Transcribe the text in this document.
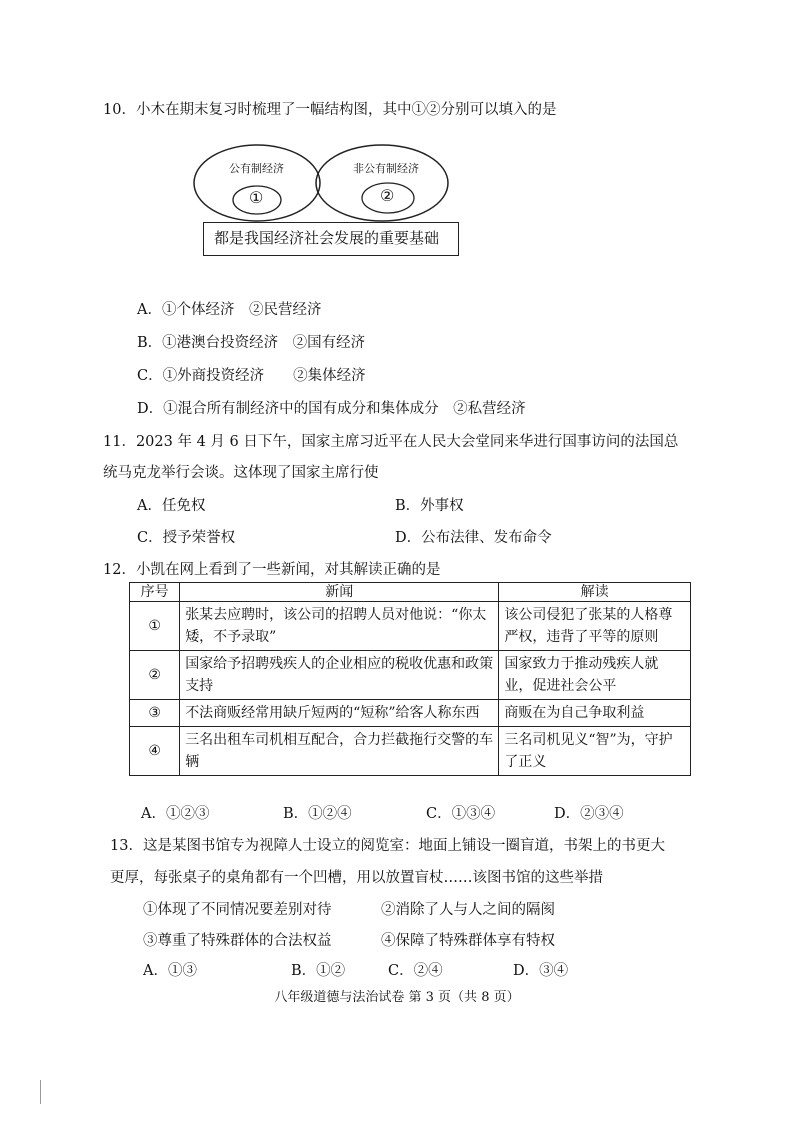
10．小木在期末复习时梳理了一幅结构图，其中①②分别可以填入的是
公有制经济
①
非公有制经济
②
都是我国经济社会发展的重要基础
A．①个体经济　②民营经济
B．①港澳台投资经济　②国有经济
C．①外商投资经济　　②集体经济
D．①混合所有制经济中的国有成分和集体成分　②私营经济
11．2023 年 4 月 6 日下午，国家主席习近平在人民大会堂同来华进行国事访问的法国总
统马克龙举行会谈。这体现了国家主席行使
A．任免权	B．外事权
C．授予荣誉权	D．公布法律、发布命令
12．小凯在网上看到了一些新闻，对其解读正确的是
序号	新闻	解读
①	张某去应聘时，该公司的招聘人员对他说：“你太矮，不予录取”	该公司侵犯了张某的人格尊严权，违背了平等的原则
②	国家给予招聘残疾人的企业相应的税收优惠和政策支持	国家致力于推动残疾人就业，促进社会公平
③	不法商贩经常用缺斤短两的“短称”给客人称东西	商贩在为自己争取利益
④	三名出租车司机相互配合，合力拦截拖行交警的车辆	三名司机见义“智”为，守护了正义
A．①②③	B．①②④	C．①③④	D．②③④
13．这是某图书馆专为视障人士设立的阅览室：地面上铺设一圈盲道，书架上的书更大
更厚，每张桌子的桌角都有一个凹槽，用以放置盲杖……该图书馆的这些举措
①体现了不同情况要差别对待	②消除了人与人之间的隔阂
③尊重了特殊群体的合法权益	④保障了特殊群体享有特权
A．①③	B．①②	C．②④	D．③④
八年级道德与法治试卷 第 3 页（共 8 页）
